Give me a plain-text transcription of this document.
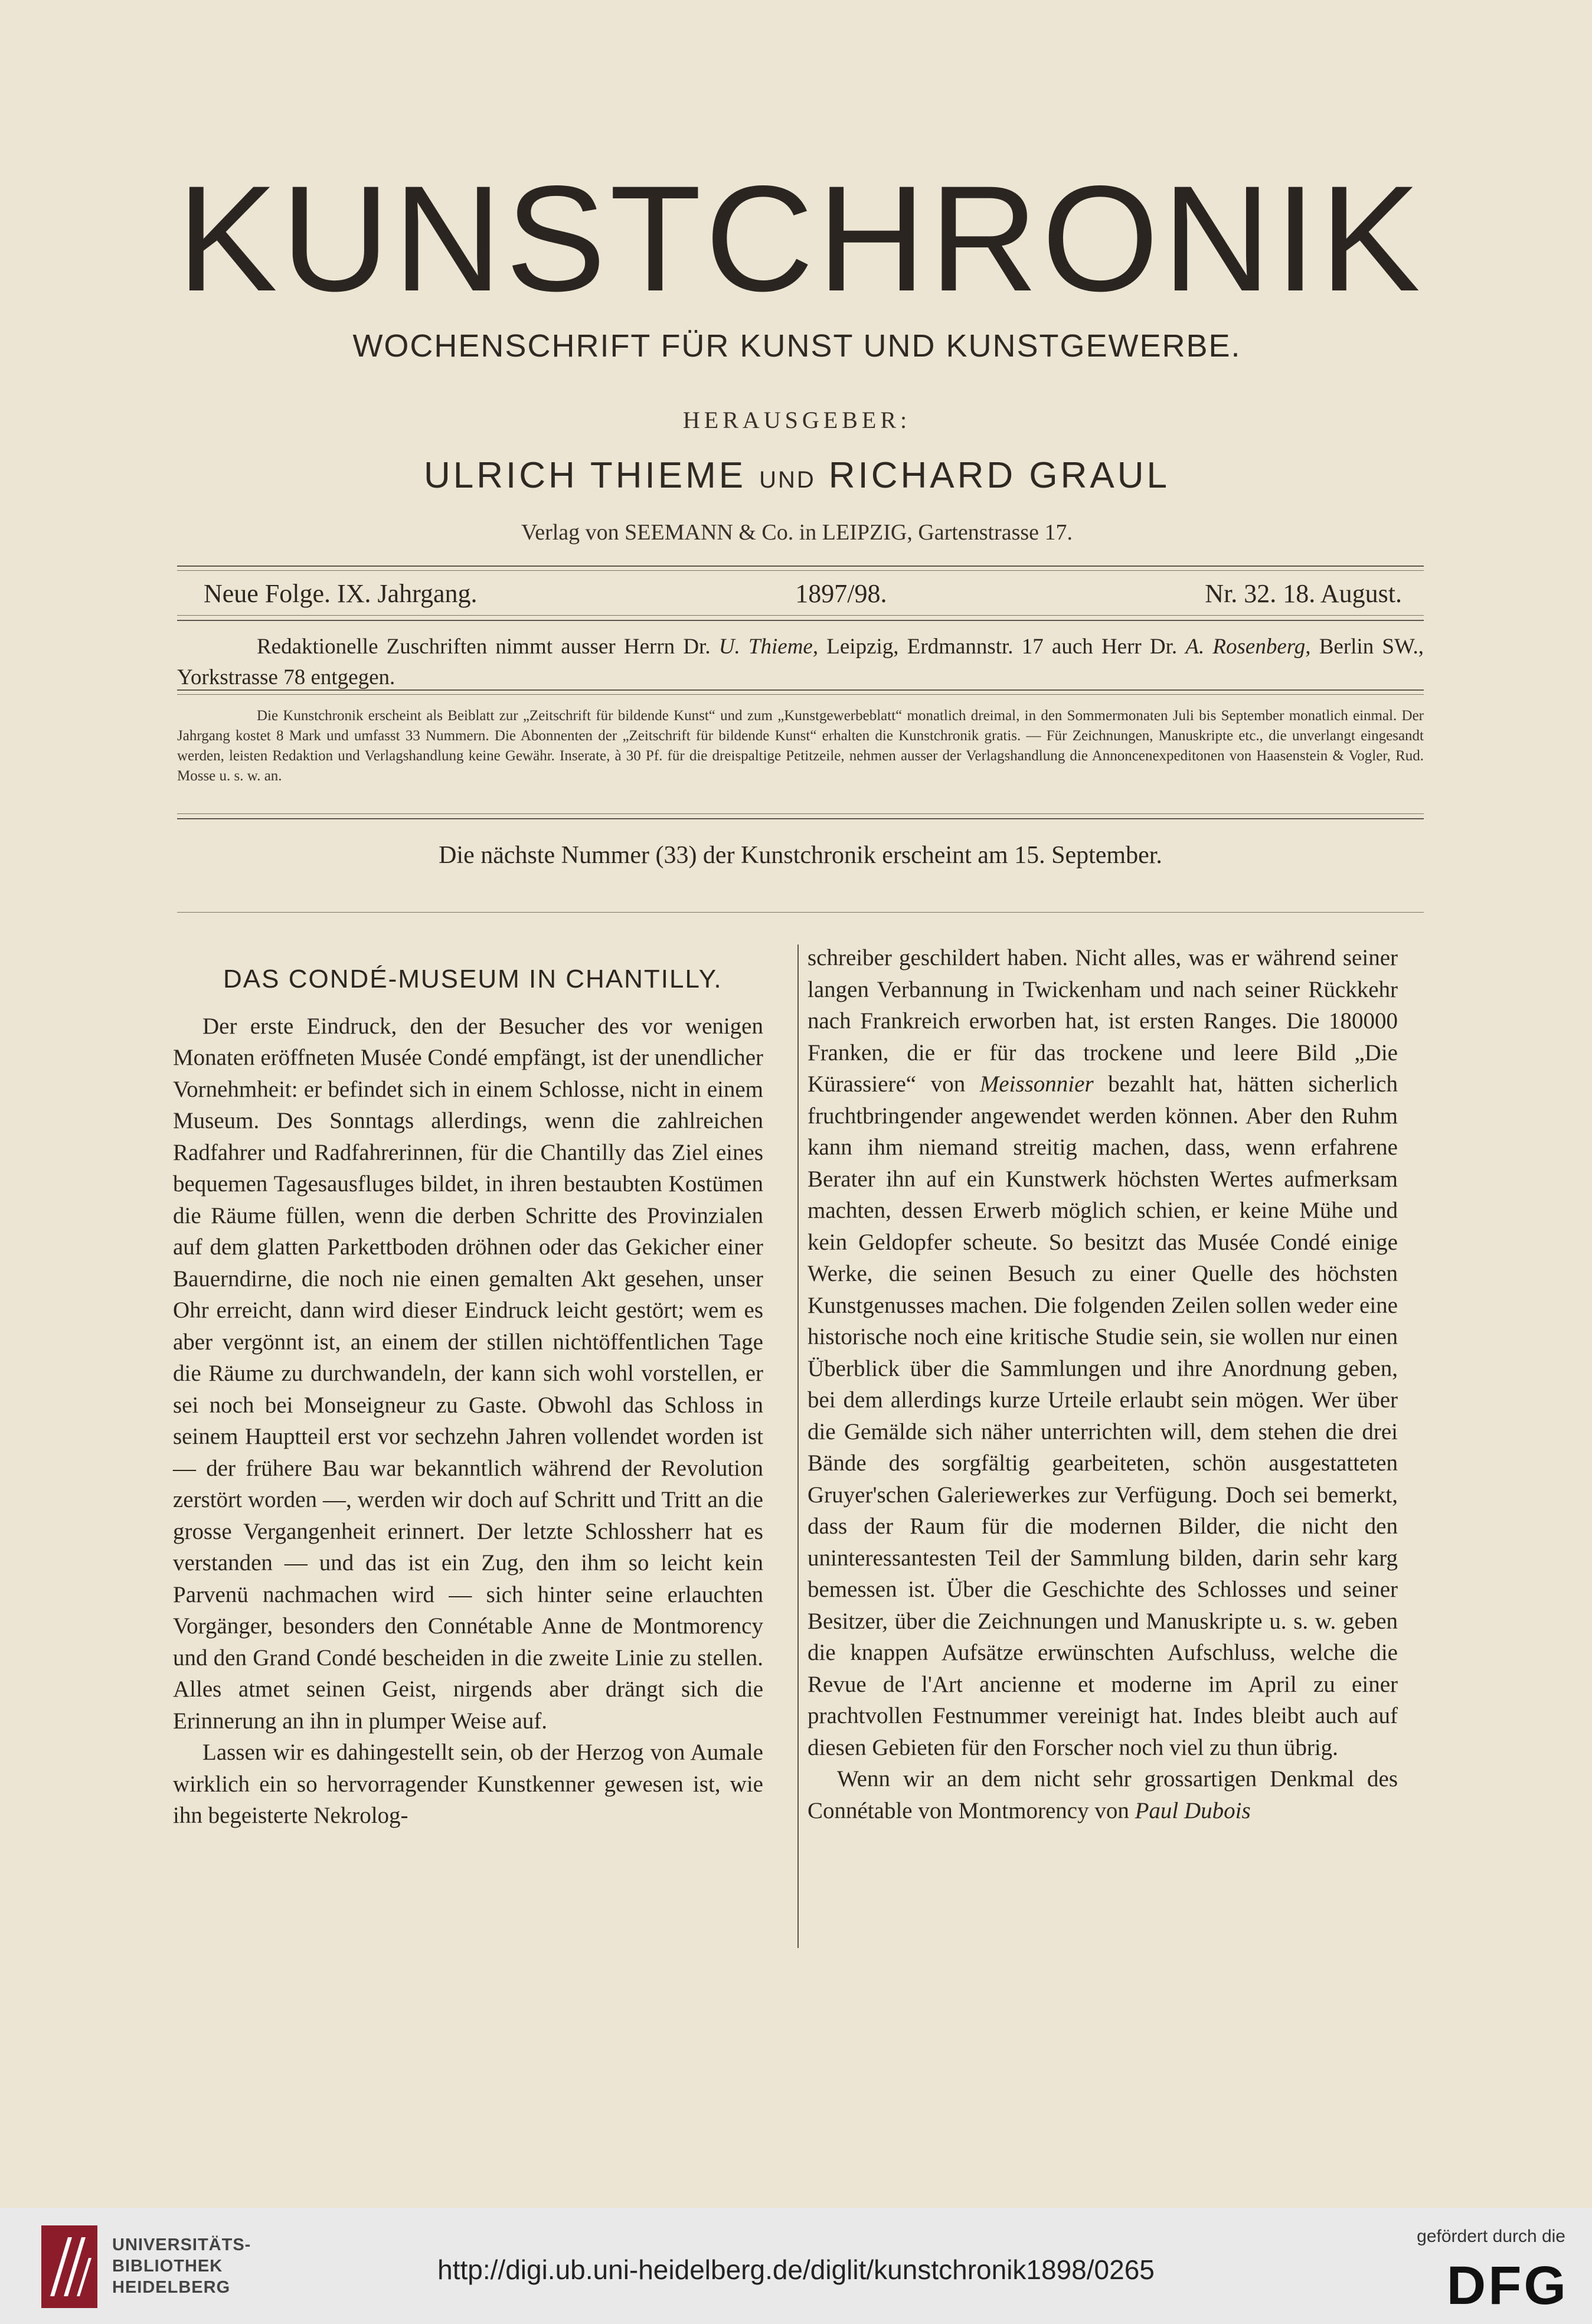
KUNSTCHRONIK
WOCHENSCHRIFT FÜR KUNST UND KUNSTGEWERBE.
HERAUSGEBER:
ULRICH THIEME UND RICHARD GRAUL
Verlag von SEEMANN & Co. in LEIPZIG, Gartenstrasse 17.
Neue Folge. IX. Jahrgang.	1897/98.	Nr. 32. 18. August.
Redaktionelle Zuschriften nimmt ausser Herrn Dr. U. Thieme, Leipzig, Erdmannstr. 17 auch Herr Dr. A. Rosenberg, Berlin SW., Yorkstrasse 78 entgegen.
Die Kunstchronik erscheint als Beiblatt zur „Zeitschrift für bildende Kunst“ und zum „Kunstgewerbeblatt“ monatlich dreimal, in den Sommermonaten Juli bis September monatlich einmal. Der Jahrgang kostet 8 Mark und umfasst 33 Nummern. Die Abonnenten der „Zeitschrift für bildende Kunst“ erhalten die Kunstchronik gratis. — Für Zeichnungen, Manuskripte etc., die unverlangt eingesandt werden, leisten Redaktion und Verlagshandlung keine Gewähr. Inserate, à 30 Pf. für die dreispaltige Petitzeile, nehmen ausser der Verlagshandlung die Annoncenexpeditonen von Haasenstein & Vogler, Rud. Mosse u. s. w. an.
Die nächste Nummer (33) der Kunstchronik erscheint am 15. September.

DAS CONDÉ-MUSEUM IN CHANTILLY.

Der erste Eindruck, den der Besucher des vor wenigen Monaten eröffneten Musée Condé empfängt, ist der unendlicher Vornehmheit: er befindet sich in einem Schlosse, nicht in einem Museum. Des Sonntags allerdings, wenn die zahlreichen Radfahrer und Radfahrerinnen, für die Chantilly das Ziel eines bequemen Tagesausfluges bildet, in ihren bestaubten Kostümen die Räume füllen, wenn die derben Schritte des Provinzialen auf dem glatten Parkettboden dröhnen oder das Gekicher einer Bauerndirne, die noch nie einen gemalten Akt gesehen, unser Ohr erreicht, dann wird dieser Eindruck leicht gestört; wem es aber vergönnt ist, an einem der stillen nichtöffentlichen Tage die Räume zu durchwandeln, der kann sich wohl vorstellen, er sei noch bei Monseigneur zu Gaste. Obwohl das Schloss in seinem Hauptteil erst vor sechzehn Jahren vollendet worden ist — der frühere Bau war bekanntlich während der Revolution zerstört worden —, werden wir doch auf Schritt und Tritt an die grosse Vergangenheit erinnert. Der letzte Schlossherr hat es verstanden — und das ist ein Zug, den ihm so leicht kein Parvenü nachmachen wird — sich hinter seine erlauchten Vorgänger, besonders den Connétable Anne de Montmorency und den Grand Condé bescheiden in die zweite Linie zu stellen. Alles atmet seinen Geist, nirgends aber drängt sich die Erinnerung an ihn in plumper Weise auf.

Lassen wir es dahingestellt sein, ob der Herzog von Aumale wirklich ein so hervorragender Kunstkenner gewesen ist, wie ihn begeisterte Nekrolog-

schreiber geschildert haben. Nicht alles, was er während seiner langen Verbannung in Twickenham und nach seiner Rückkehr nach Frankreich erworben hat, ist ersten Ranges. Die 180000 Franken, die er für das trockene und leere Bild „Die Kürassiere“ von Meissonnier bezahlt hat, hätten sicherlich fruchtbringender angewendet werden können. Aber den Ruhm kann ihm niemand streitig machen, dass, wenn erfahrene Berater ihn auf ein Kunstwerk höchsten Wertes aufmerksam machten, dessen Erwerb möglich schien, er keine Mühe und kein Geldopfer scheute. So besitzt das Musée Condé einige Werke, die seinen Besuch zu einer Quelle des höchsten Kunstgenusses machen. Die folgenden Zeilen sollen weder eine historische noch eine kritische Studie sein, sie wollen nur einen Überblick über die Sammlungen und ihre Anordnung geben, bei dem allerdings kurze Urteile erlaubt sein mögen. Wer über die Gemälde sich näher unterrichten will, dem stehen die drei Bände des sorgfältig gearbeiteten, schön ausgestatteten Gruyer'schen Galeriewerkes zur Verfügung. Doch sei bemerkt, dass der Raum für die modernen Bilder, die nicht den uninteressantesten Teil der Sammlung bilden, darin sehr karg bemessen ist. Über die Geschichte des Schlosses und seiner Besitzer, über die Zeichnungen und Manuskripte u. s. w. geben die knappen Aufsätze erwünschten Aufschluss, welche die Revue de l'Art ancienne et moderne im April zu einer prachtvollen Festnummer vereinigt hat. Indes bleibt auch auf diesen Gebieten für den Forscher noch viel zu thun übrig.

Wenn wir an dem nicht sehr grossartigen Denkmal des Connétable von Montmorency von Paul Dubois

UNIVERSITÄTS-
BIBLIOTHEK
HEIDELBERG
http://digi.ub.uni-heidelberg.de/diglit/kunstchronik1898/0265
gefördert durch die
DFG
